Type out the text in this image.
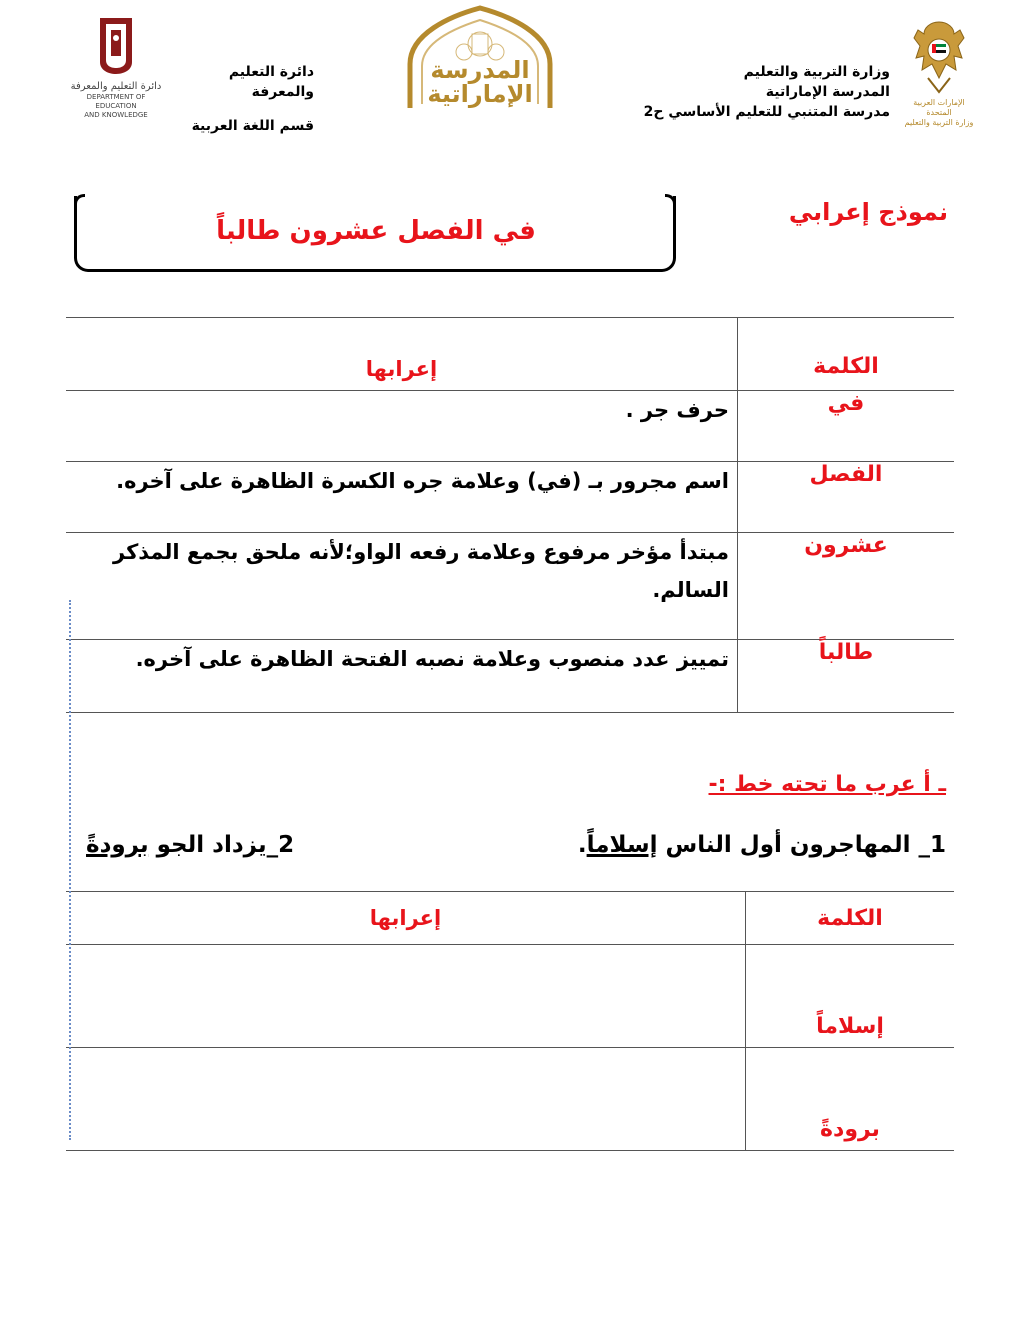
الإمارات العربية المتحدة
وزارة التربية والتعليم
وزارة التربية والتعليم
المدرسة الإماراتية
مدرسة المتنبي للتعليم الأساسي ح2
المدرسة
الإماراتية
دائرة التعليم والمعرفة
قسم اللغة العربية
دائرة التعليم والمعرفة
DEPARTMENT OF EDUCATION
AND KNOWLEDGE
نموذج إعرابي
في الفصل عشرون طالباً
الكلمة	إعرابها
في	حرف جر .
الفصل	اسم مجرور بـ (في) وعلامة جره الكسرة الظاهرة على آخره.
عشرون	مبتدأ مؤخر مرفوع وعلامة رفعه الواو؛لأنه ملحق بجمع المذكر السالم.
طالباً	تمييز عدد منصوب وعلامة نصبه الفتحة الظاهرة على آخره.
ـ أ عرب ما تحته خط :-
1_ المهاجرون أول الناس إسلاماً.
2_يزداد الجو برودةً
الكلمة	إعرابها
إسلاماً	
برودةً	
